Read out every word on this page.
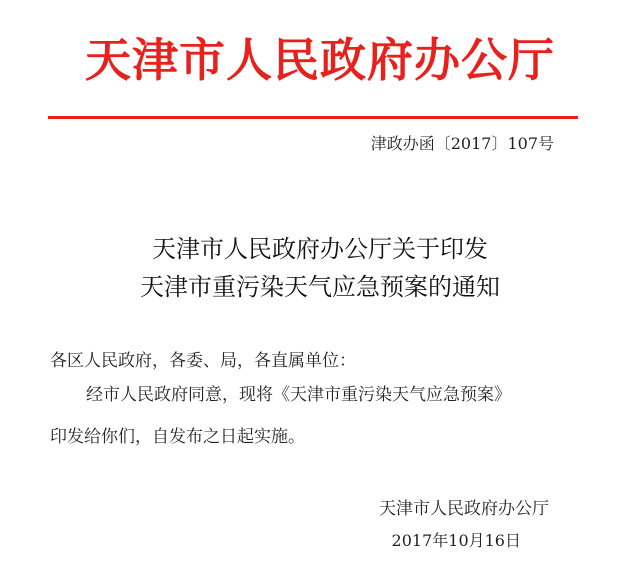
天津市人民政府办公厅
津政办函〔2017〕107号
天津市人民政府办公厅关于印发
天津市重污染天气应急预案的通知
各区人民政府，各委、局，各直属单位：
经市人民政府同意，现将《天津市重污染天气应急预案》
印发给你们，自发布之日起实施。
天津市人民政府办公厅
2017年10月16日
